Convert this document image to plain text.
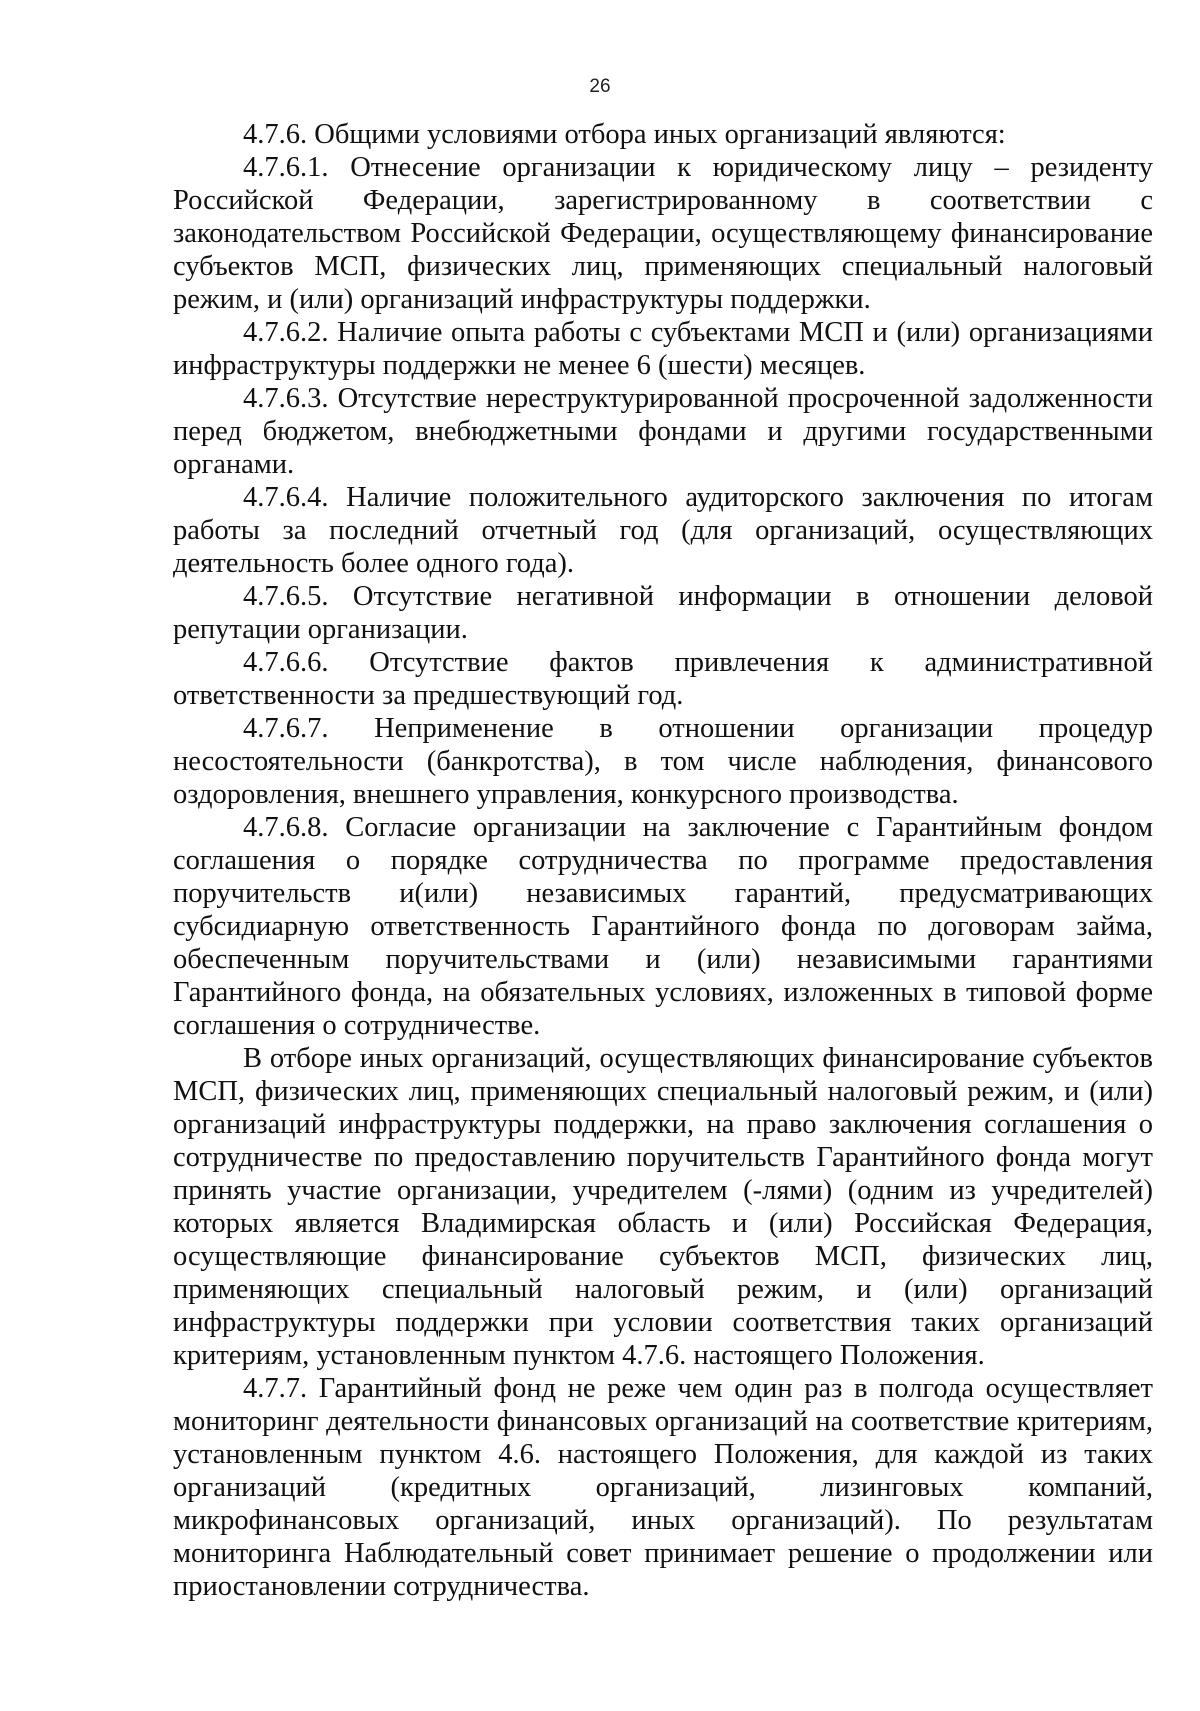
26

4.7.6. Общими условиями отбора иных организаций являются:

4.7.6.1. Отнесение организации к юридическому лицу – резиденту Российской Федерации, зарегистрированному в соответствии с законодательством Российской Федерации, осуществляющему финансирование субъектов МСП, физических лиц, применяющих специальный налоговый режим, и (или) организаций инфраструктуры поддержки.

4.7.6.2. Наличие опыта работы с субъектами МСП и (или) организациями инфраструктуры поддержки не менее 6 (шести) месяцев.

4.7.6.3. Отсутствие нереструктурированной просроченной задолженности перед бюджетом, внебюджетными фондами и другими государственными органами.

4.7.6.4. Наличие положительного аудиторского заключения по итогам работы за последний отчетный год (для организаций, осуществляющих деятельность более одного года).

4.7.6.5. Отсутствие негативной информации в отношении деловой репутации организации.

4.7.6.6. Отсутствие фактов привлечения к административной ответственности за предшествующий год.

4.7.6.7. Неприменение в отношении организации процедур несостоятельности (банкротства), в том числе наблюдения, финансового оздоровления, внешнего управления, конкурсного производства.

4.7.6.8. Согласие организации на заключение с Гарантийным фондом соглашения о порядке сотрудничества по программе предоставления поручительств и(или) независимых гарантий, предусматривающих субсидиарную ответственность Гарантийного фонда по договорам займа, обеспеченным поручительствами и (или) независимыми гарантиями Гарантийного фонда, на обязательных условиях, изложенных в типовой форме соглашения о сотрудничестве.

В отборе иных организаций, осуществляющих финансирование субъектов МСП, физических лиц, применяющих специальный налоговый режим, и (или) организаций инфраструктуры поддержки, на право заключения соглашения о сотрудничестве по предоставлению поручительств Гарантийного фонда могут принять участие организации, учредителем (-лями) (одним из учредителей) которых является Владимирская область и (или) Российская Федерация, осуществляющие финансирование субъектов МСП, физических лиц, применяющих специальный налоговый режим, и (или) организаций инфраструктуры поддержки при условии соответствия таких организаций критериям, установленным пунктом 4.7.6. настоящего Положения.

4.7.7. Гарантийный фонд не реже чем один раз в полгода осуществляет мониторинг деятельности финансовых организаций на соответствие критериям, установленным пунктом 4.6. настоящего Положения, для каждой из таких организаций (кредитных организаций, лизинговых компаний, микрофинансовых организаций, иных организаций). По результатам мониторинга Наблюдательный совет принимает решение о продолжении или приостановлении сотрудничества.
